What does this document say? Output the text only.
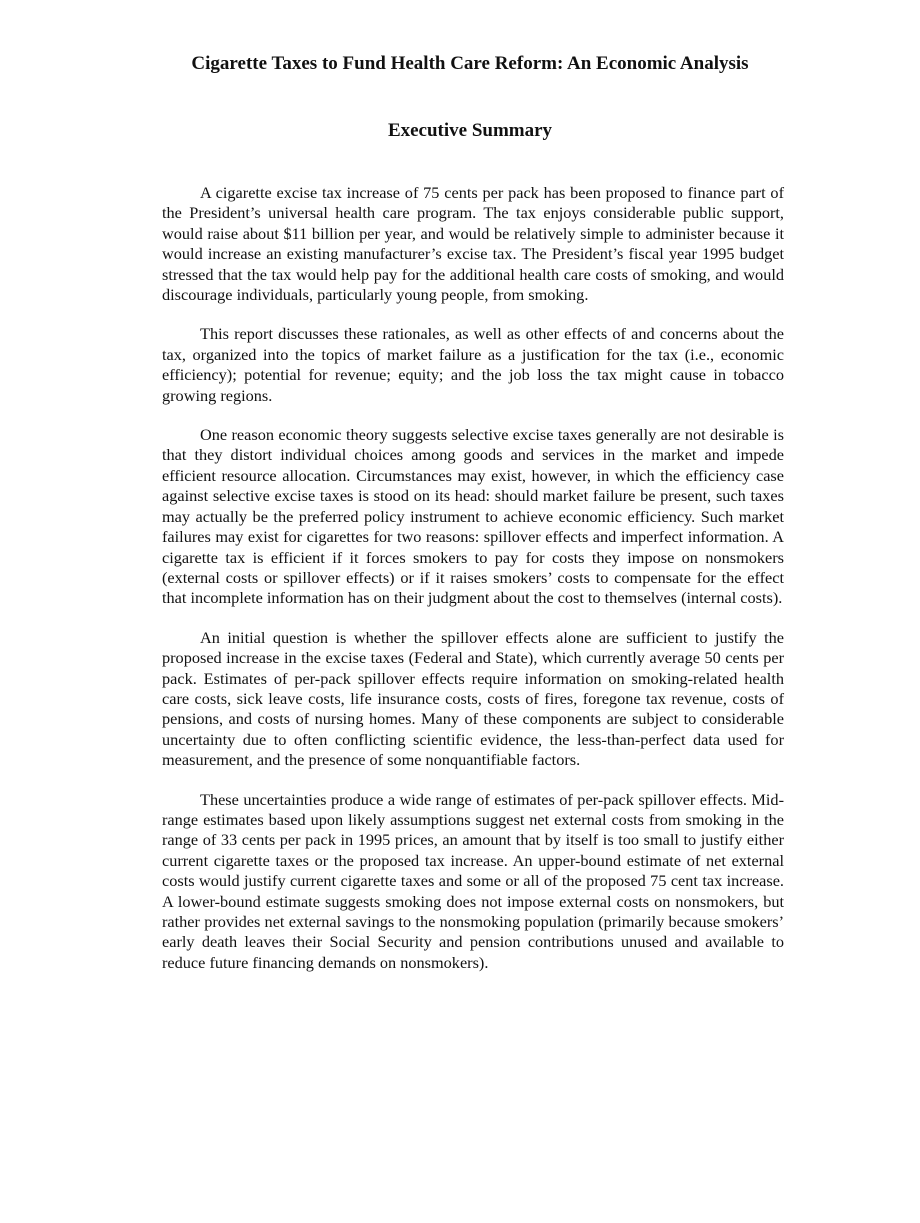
Cigarette Taxes to Fund Health Care Reform: An Economic Analysis
Executive Summary

A cigarette excise tax increase of 75 cents per pack has been proposed to finance part of the President’s universal health care program. The tax enjoys considerable public support, would raise about $11 billion per year, and would be relatively simple to administer because it would increase an existing manufacturer’s excise tax. The President’s fiscal year 1995 budget stressed that the tax would help pay for the additional health care costs of smoking, and would discourage individuals, particularly young people, from smoking.

This report discusses these rationales, as well as other effects of and concerns about the tax, organized into the topics of market failure as a justification for the tax (i.e., economic efficiency); potential for revenue; equity; and the job loss the tax might cause in tobacco growing regions.

One reason economic theory suggests selective excise taxes generally are not desirable is that they distort individual choices among goods and services in the market and impede efficient resource allocation. Circumstances may exist, however, in which the efficiency case against selective excise taxes is stood on its head: should market failure be present, such taxes may actually be the preferred policy instrument to achieve economic efficiency. Such market failures may exist for cigarettes for two reasons: spillover effects and imperfect information. A cigarette tax is efficient if it forces smokers to pay for costs they impose on nonsmokers (external costs or spillover effects) or if it raises smokers’ costs to compensate for the effect that incomplete information has on their judgment about the cost to themselves (internal costs).

An initial question is whether the spillover effects alone are sufficient to justify the proposed increase in the excise taxes (Federal and State), which currently average 50 cents per pack. Estimates of per-pack spillover effects require information on smoking-related health care costs, sick leave costs, life insurance costs, costs of fires, foregone tax revenue, costs of pensions, and costs of nursing homes. Many of these components are subject to considerable uncertainty due to often conflicting scientific evidence, the less-than-perfect data used for measurement, and the presence of some nonquantifiable factors.

These uncertainties produce a wide range of estimates of per-pack spillover effects. Mid-range estimates based upon likely assumptions suggest net external costs from smoking in the range of 33 cents per pack in 1995 prices, an amount that by itself is too small to justify either current cigarette taxes or the proposed tax increase. An upper-bound estimate of net external costs would justify current cigarette taxes and some or all of the proposed 75 cent tax increase. A lower-bound estimate suggests smoking does not impose external costs on nonsmokers, but rather provides net external savings to the nonsmoking population (primarily because smokers’ early death leaves their Social Security and pension contributions unused and available to reduce future financing demands on nonsmokers).
